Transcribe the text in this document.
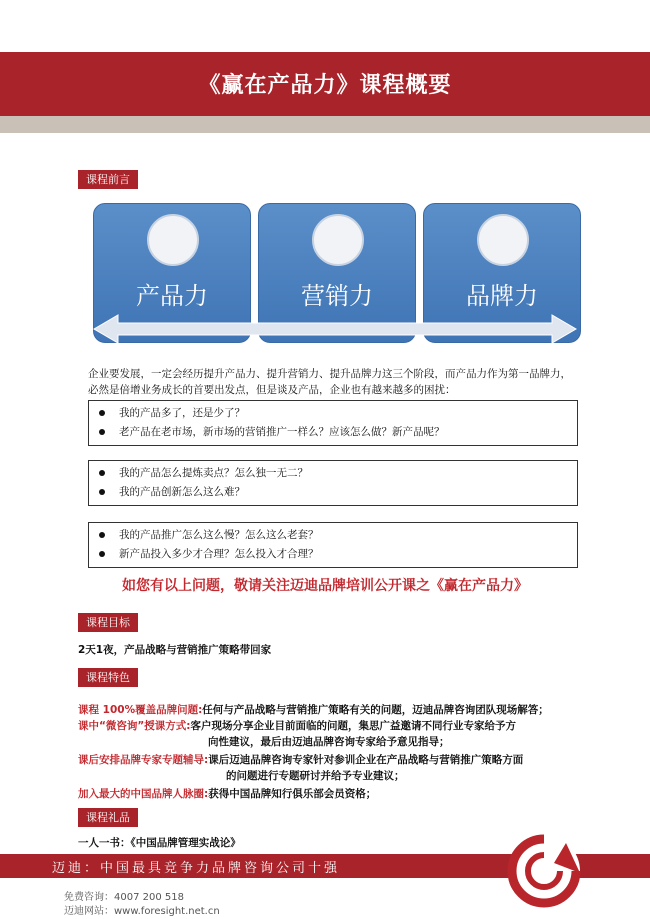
《赢在产品力》课程概要
课程前言
产品力	营销力	品牌力
企业要发展，一定会经历提升产品力、提升营销力、提升品牌力这三个阶段，而产品力作为第一品牌力，必然是倍增业务成长的首要出发点，但是谈及产品，企业也有越来越多的困扰：
我的产品多了，还是少了？
老产品在老市场，新市场的营销推广一样么？应该怎么做？新产品呢？
我的产品怎么提炼卖点？怎么独一无二？
我的产品创新怎么这么难？
我的产品推广怎么这么慢？怎么这么老套？
新产品投入多少才合理？怎么投入才合理？
如您有以上问题，敬请关注迈迪品牌培训公开课之《赢在产品力》
课程目标
2天1夜，产品战略与营销推广策略带回家
课程特色
课程 100%覆盖品牌问题:任何与产品战略与营销推广策略有关的问题，迈迪品牌咨询团队现场解答；
课中“微咨询”授课方式:客户现场分享企业目前面临的问题，集思广益邀请不同行业专家给予方
向性建议，最后由迈迪品牌咨询专家给予意见指导；
课后安排品牌专家专题辅导:课后迈迪品牌咨询专家针对参训企业在产品战略与营销推广策略方面
的问题进行专题研讨并给予专业建议；
加入最大的中国品牌人脉圈:获得中国品牌知行俱乐部会员资格；
课程礼品
一人一书：《中国品牌管理实战论》
迈迪：中国最具竞争力品牌咨询公司十强
免费咨询：4007 200 518
迈迪网站：www.foresight.net.cn
